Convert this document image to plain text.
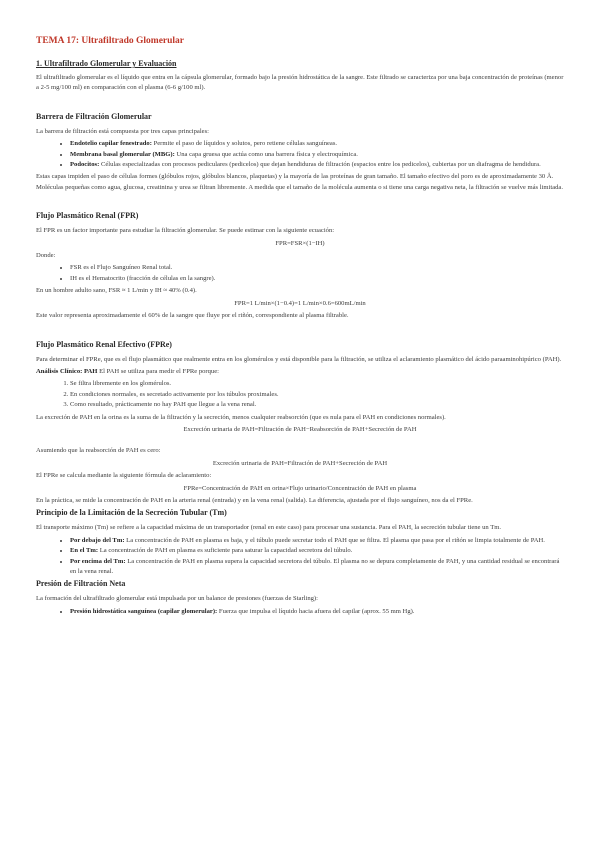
TEMA 17: Ultrafiltrado Glomerular
1. Ultrafiltrado Glomerular y Evaluación

El ultrafiltrado glomerular es el líquido que entra en la cápsula glomerular, formado bajo la presión hidrostática de la sangre. Este filtrado se caracteriza por una baja concentración de proteínas (menor a 2-5 mg/100 ml) en comparación con el plasma (6-6 g/100 ml).

Barrera de Filtración Glomerular

La barrera de filtración está compuesta por tres capas principales:

• Endotelio capilar fenestrado: Permite el paso de líquidos y solutos, pero retiene células sanguíneas.
• Membrana basal glomerular (MBG): Una capa gruesa que actúa como una barrera física y electroquímica.
• Podocitos: Células especializadas con procesos pediculares (pedicelos) que dejan hendiduras de filtración (espacios entre los pedicelos), cubiertas por un diafragma de hendidura.

Estas capas impiden el paso de células formes (glóbulos rojos, glóbulos blancos, plaquetas) y la mayoría de las proteínas de gran tamaño. El tamaño efectivo del poro es de aproximadamente 30 Å. Moléculas pequeñas como agua, glucosa, creatinina y urea se filtran libremente. A medida que el tamaño de la molécula aumenta o si tiene una carga negativa neta, la filtración se vuelve más limitada.

Flujo Plasmático Renal (FPR)

El FPR es un factor importante para estudiar la filtración glomerular. Se puede estimar con la siguiente ecuación:

FPR=FSR×(1−IH)

Donde:

• FSR es el Flujo Sanguíneo Renal total.
• IH es el Hematocrito (fracción de células en la sangre).

En un hombre adulto sano, FSR ≈ 1 L/min y IH ≈ 40% (0.4).

FPR=1 L/min×(1−0.4)=1 L/min×0.6=600mL/min

Este valor representa aproximadamente el 60% de la sangre que fluye por el riñón, correspondiente al plasma filtrable.

Flujo Plasmático Renal Efectivo (FPRe)

Para determinar el FPRe, que es el flujo plasmático que realmente entra en los glomérulos y está disponible para la filtración, se utiliza el aclaramiento plasmático del ácido paraaminohipúrico (PAH).

Análisis Clínico: PAH El PAH se utiliza para medir el FPRe porque:

1. Se filtra libremente en los glomérulos.
2. En condiciones normales, es secretado activamente por los túbulos proximales.
3. Como resultado, prácticamente no hay PAH que llegue a la vena renal.

La excreción de PAH en la orina es la suma de la filtración y la secreción, menos cualquier reabsorción (que es nula para el PAH en condiciones normales).

Excreción urinaria de PAH=Filtración de PAH−Reabsorción de PAH+Secreción de PAH

Asumiendo que la reabsorción de PAH es cero:

Excreción urinaria de PAH=Filtración de PAH+Secreción de PAH

El FPRe se calcula mediante la siguiente fórmula de aclaramiento:

FPRe=Concentración de PAH en orina×Flujo urinario/Concentración de PAH en plasma

En la práctica, se mide la concentración de PAH en la arteria renal (entrada) y en la vena renal (salida). La diferencia, ajustada por el flujo sanguíneo, nos da el FPRe.

Principio de la Limitación de la Secreción Tubular (Tm)

El transporte máximo (Tm) se refiere a la capacidad máxima de un transportador (renal en este caso) para procesar una sustancia. Para el PAH, la secreción tubular tiene un Tm.

• Por debajo del Tm: La concentración de PAH en plasma es baja, y el túbulo puede secretar todo el PAH que se filtra. El plasma que pasa por el riñón se limpia totalmente de PAH.
• En el Tm: La concentración de PAH en plasma es suficiente para saturar la capacidad secretora del túbulo.
• Por encima del Tm: La concentración de PAH en plasma supera la capacidad secretora del túbulo. El plasma no se depura completamente de PAH, y una cantidad residual se encontrará en la vena renal.
Presión de Filtración Neta

La formación del ultrafiltrado glomerular está impulsada por un balance de presiones (fuerzas de Starling):

• Presión hidrostática sanguínea (capilar glomerular): Fuerza que impulsa el líquido hacia afuera del capilar (aprox. 55 mm Hg).
